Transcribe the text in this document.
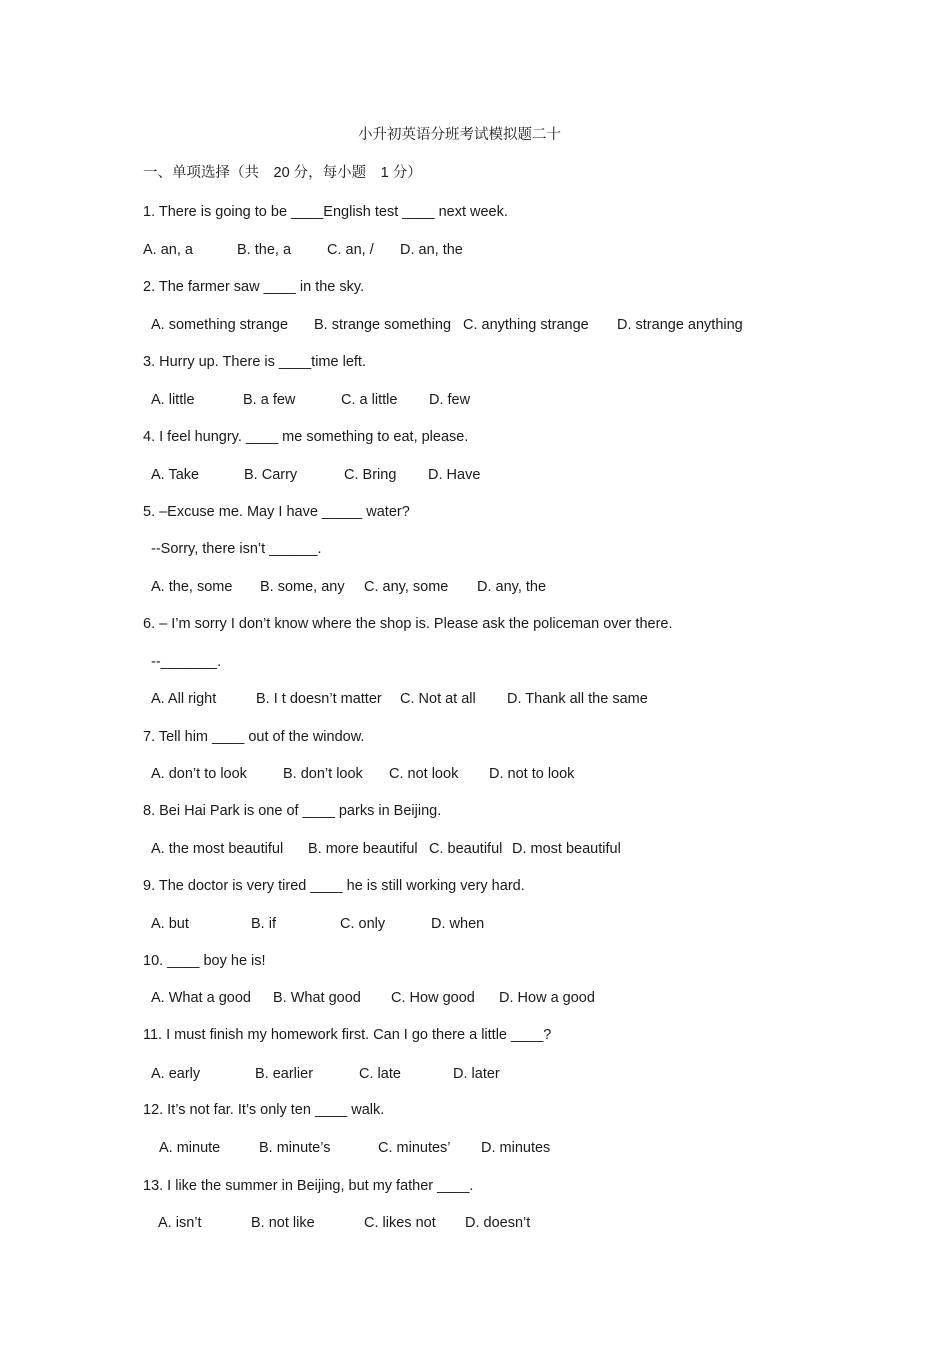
小升初英语分班考试模拟题二十
一、单项选择（共　20 分，每小题　1 分）
1. There is going to be ____English test ____ next week.
A. an, a	B. the, a C. an, / D. an, the
2. The farmer saw ____ in the sky.
A. something strange B. strange something C. anything strange D. strange anything
3. Hurry up. There is ____time left.
A. little	B. a few	C. a little D. few
4. I feel hungry. ____ me something to eat, please.
A. Take	B. Carry	C. Bring D. Have
5. –Excuse me. May I have _____ water?
--Sorry, there isn’t ______.
A. the, some B. some, any C. any, some D. any, the
6. – I’m sorry I don’t know where the shop is. Please ask the policeman over there.
--_______.
A. All right	B. I t doesn’t matter C. Not at all D. Thank all the same
7. Tell him ____ out of the window.
A. don’t to look B. don’t look C. not look D. not to look
8. Bei Hai Park is one of ____ parks in Beijing.
A. the most beautiful B. more beautiful C. beautiful D. most beautiful
9. The doctor is very tired ____ he is still working very hard.
A. but	B. if	C. only	D. when
10. ____ boy he is!
A. What a good B. What good C. How good D. How a good
11. I must finish my homework first. Can I go there a little ____?
A. early	B. earlier	C. late	D. later
12. It’s not far. It’s only ten ____ walk.
A. minute	B. minute’s	C. minutes’ D. minutes
13. I like the summer in Beijing, but my father ____.
A. isn’t	B. not like	C. likes not D. doesn’t
